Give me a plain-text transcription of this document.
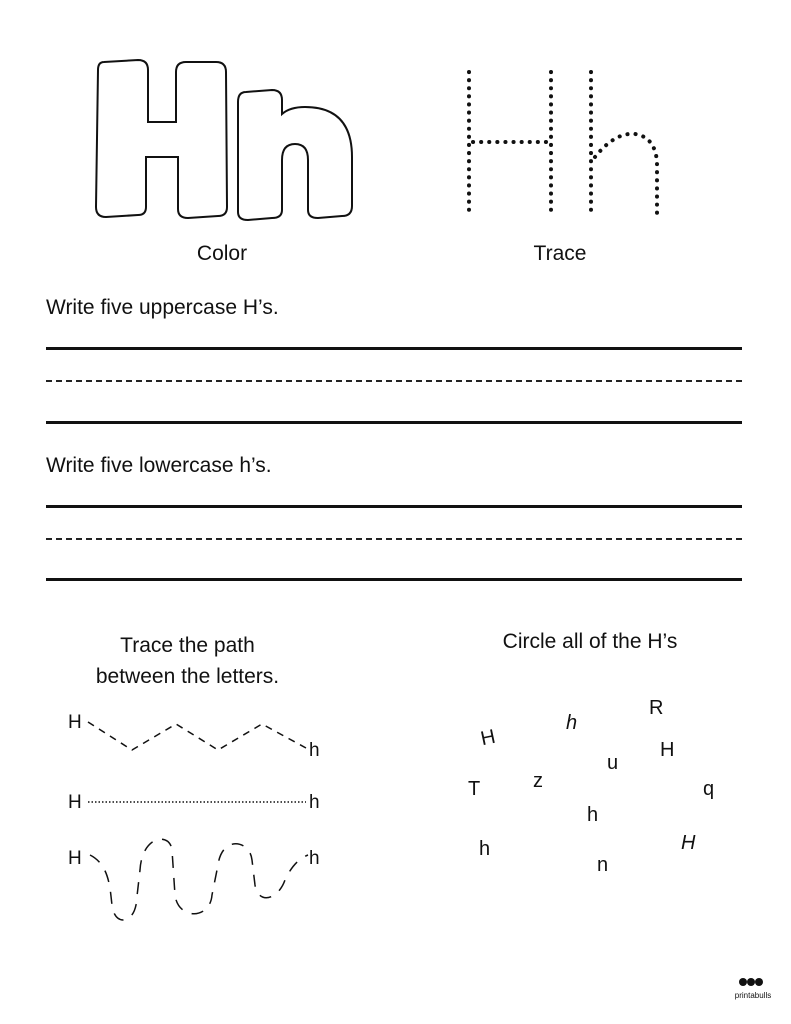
Color	Trace
Write five uppercase H’s.
Write five lowercase h’s.
Trace the path
between the letters.
H
h
H	h
H	h
Circle all of the H’s
H
h
R
H
u
T	z	q
h
H
h
n
printabulls
